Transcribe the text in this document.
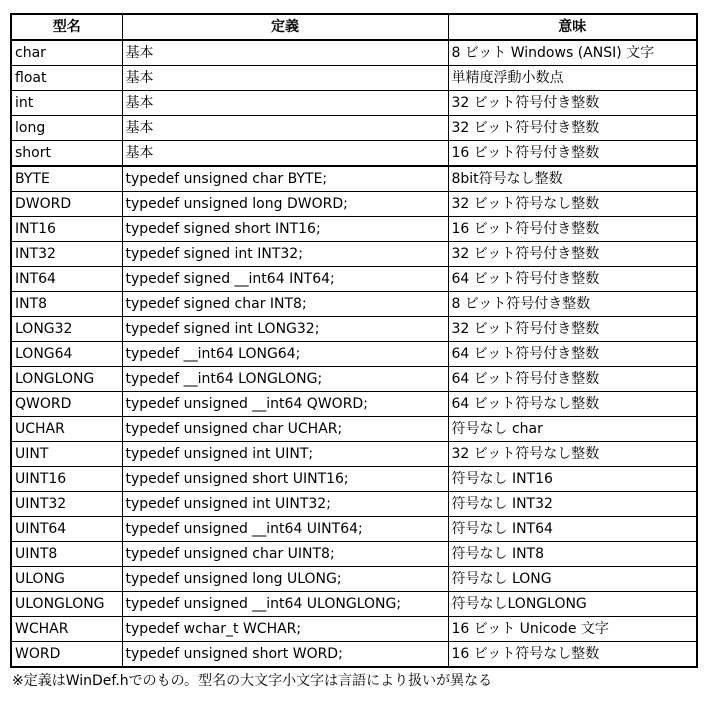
型名	定義	意味
char	基本	8 ビット Windows (ANSI) 文字
float	基本	単精度浮動小数点
int	基本	32 ビット符号付き整数
long	基本	32 ビット符号付き整数
short	基本	16 ビット符号付き整数
BYTE	typedef unsigned char BYTE;	8bit符号なし整数
DWORD	typedef unsigned long DWORD;	32 ビット符号なし整数
INT16	typedef signed short INT16;	16 ビット符号付き整数
INT32	typedef signed int INT32;	32 ビット符号付き整数
INT64	typedef signed __int64 INT64;	64 ビット符号付き整数
INT8	typedef signed char INT8;	8 ビット符号付き整数
LONG32	typedef signed int LONG32;	32 ビット符号付き整数
LONG64	typedef __int64 LONG64;	64 ビット符号付き整数
LONGLONG	typedef __int64 LONGLONG;	64 ビット符号付き整数
QWORD	typedef unsigned __int64 QWORD;	64 ビット符号なし整数
UCHAR	typedef unsigned char UCHAR;	符号なし char
UINT	typedef unsigned int UINT;	32 ビット符号なし整数
UINT16	typedef unsigned short UINT16;	符号なし INT16
UINT32	typedef unsigned int UINT32;	符号なし INT32
UINT64	typedef unsigned __int64 UINT64;	符号なし INT64
UINT8	typedef unsigned char UINT8;	符号なし INT8
ULONG	typedef unsigned long ULONG;	符号なし LONG
ULONGLONG	typedef unsigned __int64 ULONGLONG;	符号なしLONGLONG
WCHAR	typedef wchar_t WCHAR;	16 ビット Unicode 文字
WORD	typedef unsigned short WORD;	16 ビット符号なし整数
※定義はWinDef.hでのもの。型名の大文字小文字は言語により扱いが異なる
